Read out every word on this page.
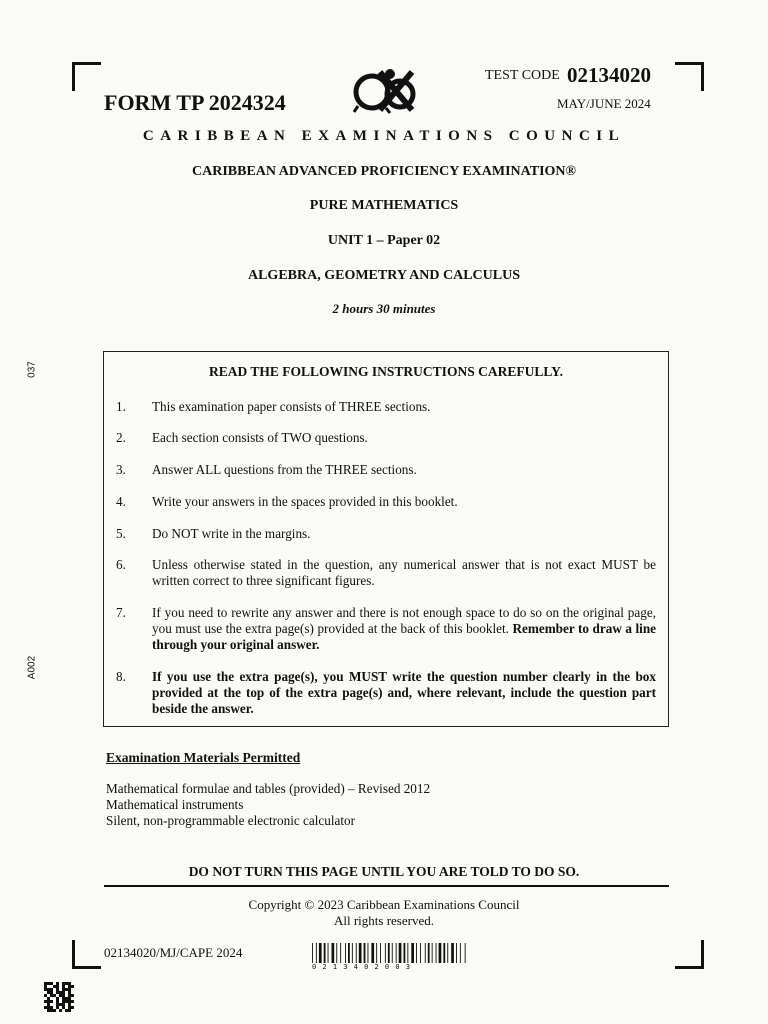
FORM TP 2024324
TEST CODE 02134020
MAY/JUNE 2024
CARIBBEAN EXAMINATIONS COUNCIL
CARIBBEAN ADVANCED PROFICIENCY EXAMINATION®
PURE MATHEMATICS
UNIT 1 – Paper 02
ALGEBRA, GEOMETRY AND CALCULUS
2 hours 30 minutes
037
A002
READ THE FOLLOWING INSTRUCTIONS CAREFULLY.
1.	This examination paper consists of THREE sections.
2.	Each section consists of TWO questions.
3.	Answer ALL questions from the THREE sections.
4.	Write your answers in the spaces provided in this booklet.
5.	Do NOT write in the margins.
6.	Unless otherwise stated in the question, any numerical answer that is not exact MUST be written correct to three significant figures.
7.	If you need to rewrite any answer and there is not enough space to do so on the original page, you must use the extra page(s) provided at the back of this booklet. Remember to draw a line through your original answer.
8.	If you use the extra page(s), you MUST write the question number clearly in the box provided at the top of the extra page(s) and, where relevant, include the question part beside the answer.
Examination Materials Permitted
Mathematical formulae and tables (provided) – Revised 2012
Mathematical instruments
Silent, non-programmable electronic calculator
DO NOT TURN THIS PAGE UNTIL YOU ARE TOLD TO DO SO.
Copyright © 2023 Caribbean Examinations Council
All rights reserved.
02134020/MJ/CAPE 2024
0213402003
